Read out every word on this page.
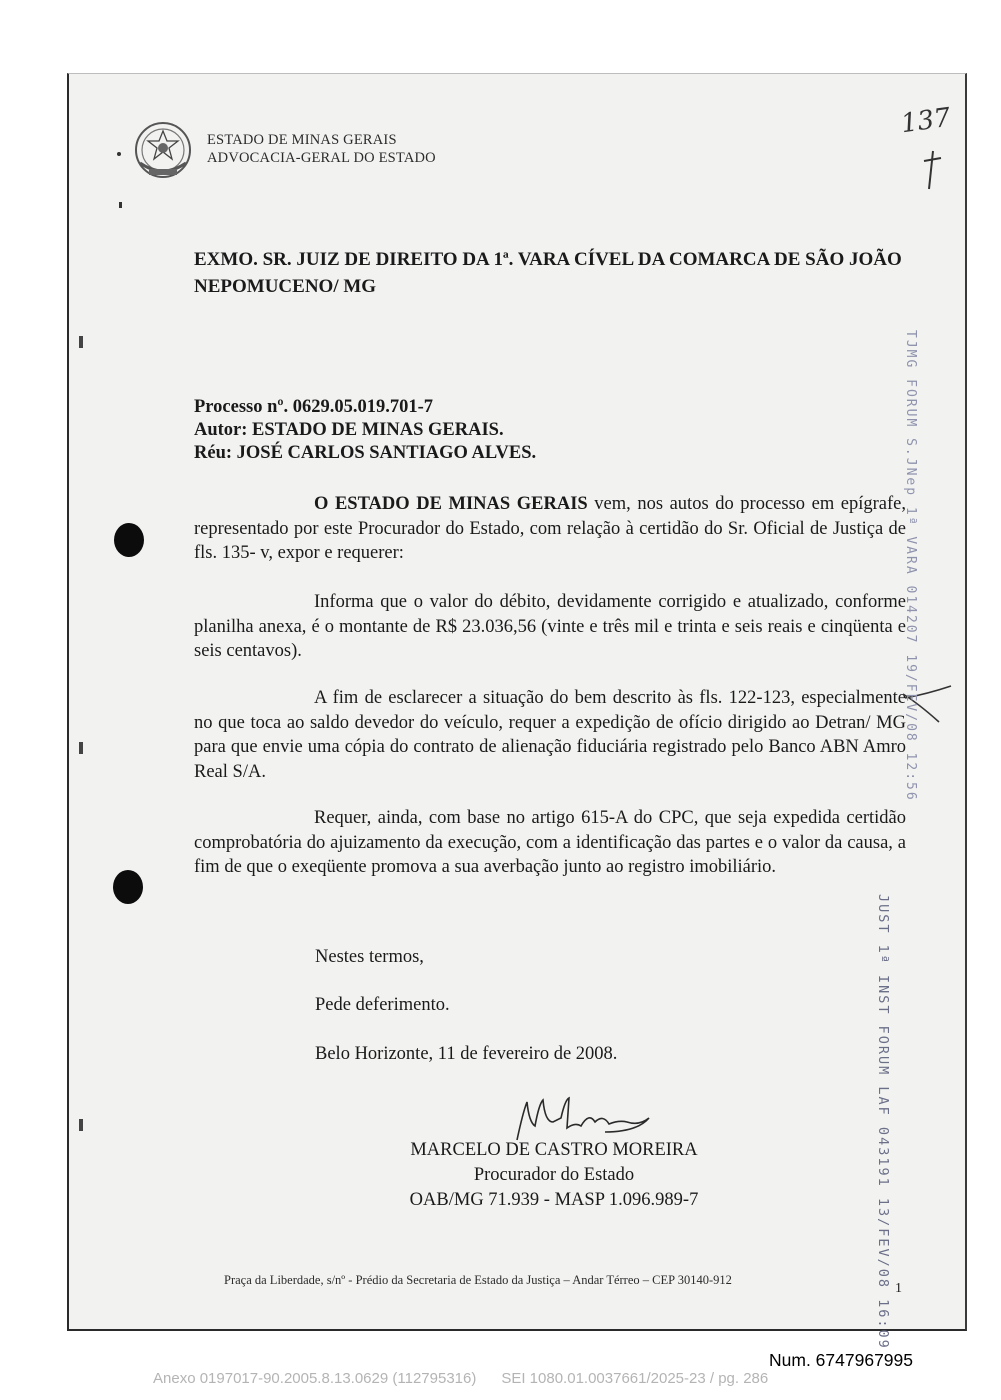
ESTADO DE MINAS GERAIS
ADVOCACIA-GERAL DO ESTADO
137
EXMO. SR. JUIZ DE DIREITO DA 1ª. VARA CÍVEL DA COMARCA DE SÃO JOÃO NEPOMUCENO/ MG
Processo nº. 0629.05.019.701-7
Autor: ESTADO DE MINAS GERAIS.
Réu: JOSÉ CARLOS SANTIAGO ALVES.
O ESTADO DE MINAS GERAIS vem, nos autos do processo em epígrafe, representado por este Procurador do Estado, com relação à certidão do Sr. Oficial de Justiça de fls. 135- v, expor e requerer:
Informa que o valor do débito, devidamente corrigido e atualizado, conforme planilha anexa, é o montante de R$ 23.036,56 (vinte e três mil e trinta e seis reais e cinqüenta e seis centavos).
A fim de esclarecer a situação do bem descrito às fls. 122-123, especialmente no que toca ao saldo devedor do veículo, requer a expedição de ofício dirigido ao Detran/ MG para que envie uma cópia do contrato de alienação fiduciária registrado pelo Banco ABN Amro Real S/A.
Requer, ainda, com base no artigo 615-A do CPC, que seja expedida certidão comprobatória do ajuizamento da execução, com a identificação das partes e o valor da causa, a fim de que o exeqüente promova a sua averbação junto ao registro imobiliário.
Nestes termos,
Pede deferimento.
Belo Horizonte, 11 de fevereiro de 2008.
MARCELO DE CASTRO MOREIRA
Procurador do Estado
OAB/MG 71.939 - MASP 1.096.989-7
Praça da Liberdade, s/nº - Prédio da Secretaria de Estado da Justiça – Andar Térreo – CEP 30140-912
1
TJMG FORUM S.JNep 1ª VARA 014207 19/FEV/08 12:56
JUST 1ª INST FORUM LAF 043191 13/FEV/08 16:09
Num. 6747967995
Anexo 0197017-90.2005.8.13.0629 (112795316)      SEI 1080.01.0037661/2025-23 / pg. 286
